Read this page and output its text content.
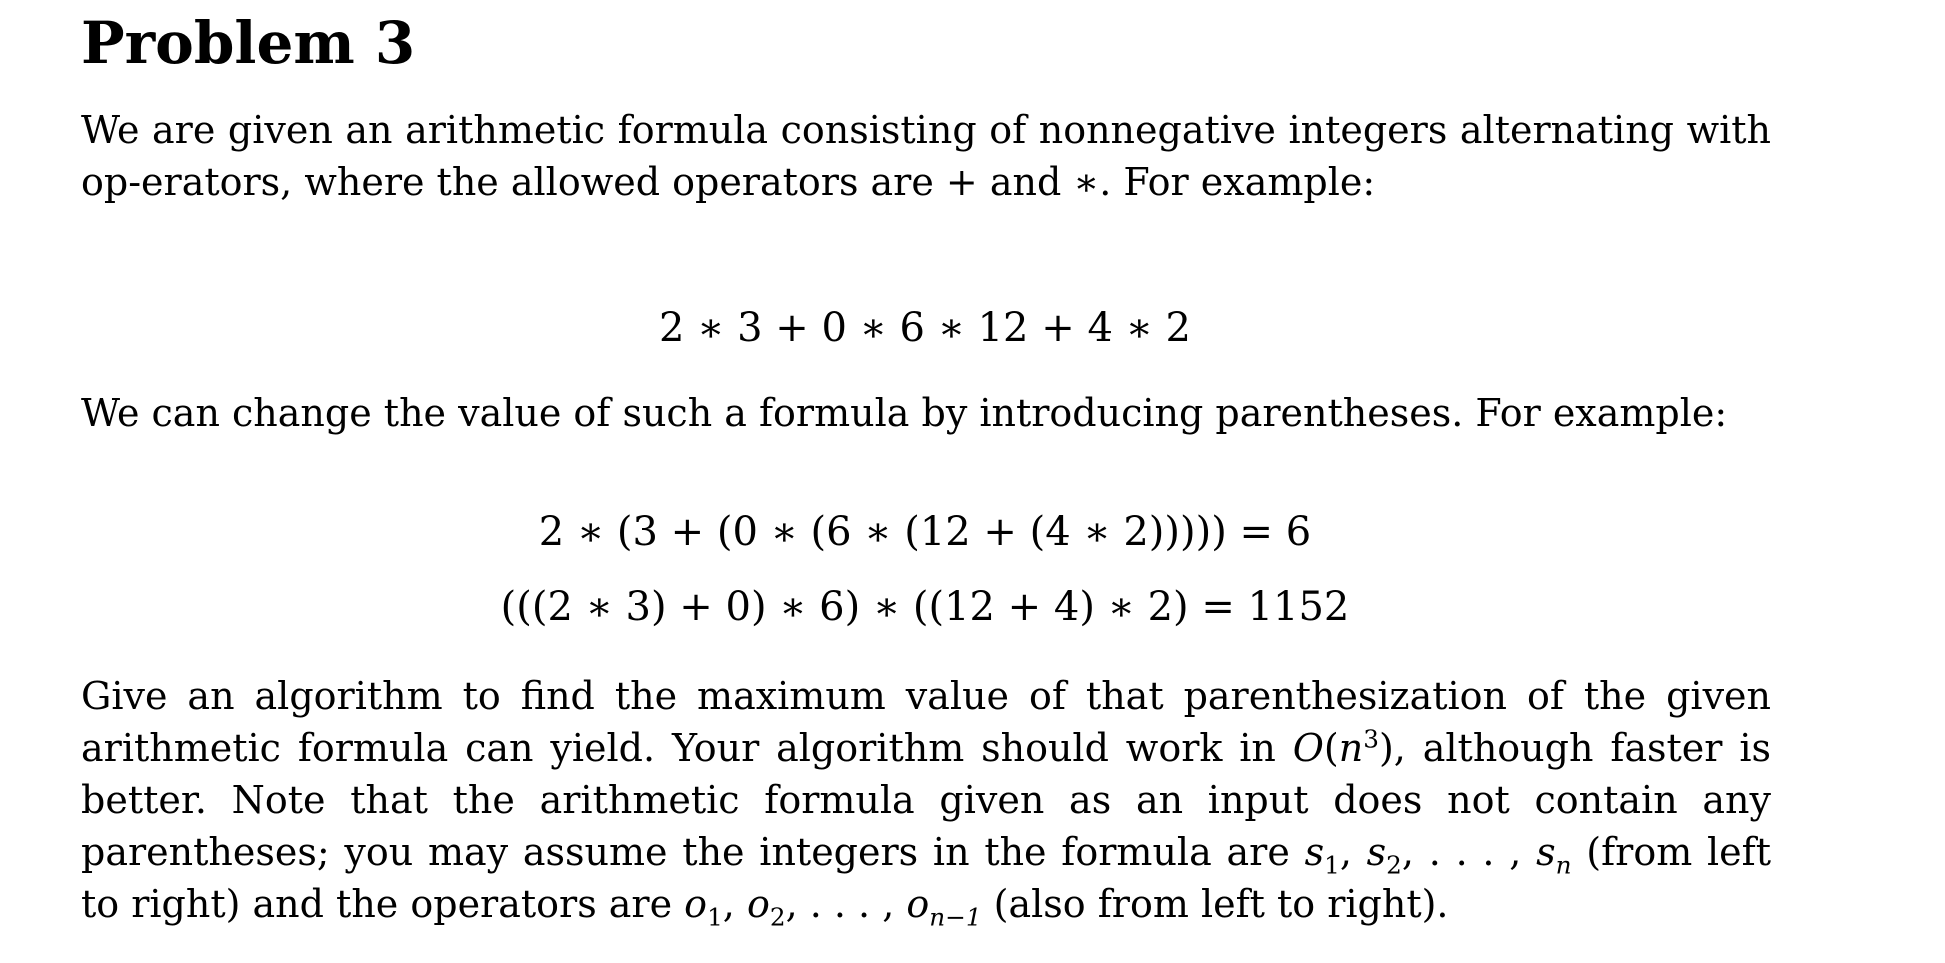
Problem 3

We are given an arithmetic formula consisting of nonnegative integers alternating with op-erators, where the allowed operators are + and ∗. For example:

2 ∗ 3 + 0 ∗ 6 ∗ 12 + 4 ∗ 2

We can change the value of such a formula by introducing parentheses. For example:

2 ∗ (3 + (0 ∗ (6 ∗ (12 + (4 ∗ 2))))) = 6

(((2 ∗ 3) + 0) ∗ 6) ∗ ((12 + 4) ∗ 2) = 1152

Give an algorithm to find the maximum value of that parenthesization of the given arithmetic formula can yield. Your algorithm should work in $O(n^3)$, although faster is better. Note that the arithmetic formula given as an input does not contain any parentheses; you may assume the integers in the formula are $s_1$, $s_2$, . . . , $s_n$ (from left to right) and the operators are $o_1$, $o_2$, . . . , $o_{n-1}$ (also from left to right).
